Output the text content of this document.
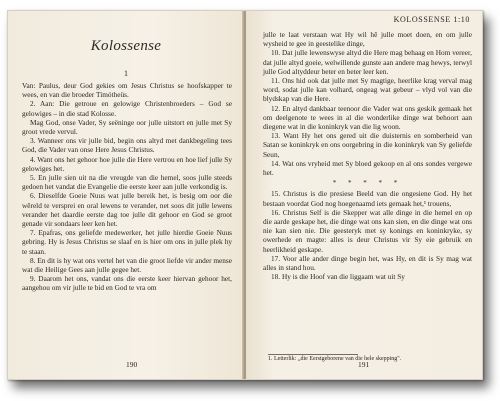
Kolossense
1

Van: Paulus, deur God gekies om Jesus Christus se hoofskapper te wees, en van die broeder Timótheüs.

2. Aan: Die getroue en gelowige Christenbroeders – God se gelowiges – in die stad Kolosse.

Mag God, onse Vader, Sy seëninge oor julle uitstort en julle met Sy groot vrede vervul.

3. Wanneer ons vir julle bid, begin ons altyd met dankbegeling tees God, die Vader van onse Here Jesus Christus.

4. Want ons het gehoor hoe julle die Here vertrou en hoe lief julle Sy gelowiges het.

5. En julle sien uit na die vreugde van die hemel, soos julle steeds gedoen het vandat die Evangelie die eerste keer aan julle verkondig is.

6. Dieselfde Goeie Nuus wat julle bereik het, is besig om oor die wêreld te versprei en oral lewens te verander, net soos dit julle lewens verander het daardie eerste dag toe julle dit gehoor en God se groot genade vir sondaars leer ken het.

7. Epafras, ons geliefde medewerker, het julle hierdie Goeie Nuus gebring. Hy is Jesus Christus se slaaf en is hier om ons in julle plek hy te staan.

8. En dit is hy wat ons vertel het van die groot liefde vir ander mense wat die Heilige Gees aan julle gegee het.

9. Daarom het ons, vandat ons die eerste keer hiervan gehoor het, aangehou om vir julle te bid en God te vra om

190
KOLOSSENSE 1:10

julle te laat verstaan wat Hy wil hê julle moet doen, en om julle wysheid te gee in geestelike dinge,

10. Dat julle lewenswyse altyd die Here mag behaag en Hom vereer, dat julle altyd goeie, welwillende gunste aan andere mag hewys, terwyl julle God altyddeur beter en beter leer ken.

11. Ons hid ook dat julle met Sy magtige, heerlike krag verval mag word, sodat julle kan volhard, ongeag wat gebeur – vlyd vol van die blydskap van die Here.

12. En altyd dankbaar teenoor die Vader wat ons geskik gemaak het om deelgenote te wees in al die wonderlike dinge wat behoort aan diegene wat in die koninkryk van die lig woon.

13. Want Hy het ons gered uit die duisternis en somberheid van Satan se koninkryk en ons oorgebring in die koninkryk van Sy geliefde Seun,

14. Wat ons vryheid met Sy bloed gekoop en al ons sondes vergewe het.

* * * * *

15. Christus is die presiese Beeld van die ongesiene God. Hy het bestaan voordat God nog hoegenaamd iets gemaak het,¹ trouens,

16. Christus Self is die Skepper wat alle dinge in die hemel en op die aarde geskape het, die dinge wat ons kan sien, en die dinge wat ons nie kan sien nie. Die geesteryk met sy konings en koninkryke, sy owerhede en magte: alles is deur Christus vir Sy eie gebruik en heerlikheid geskape.

17. Voor alle ander dinge begin het, was Hy, en dit is Sy mag wat alles in stand hou.

18. Hy is die Hoof van die liggaam wat uit Sy

1. Letterlik: „die Eerstgeborene van die hele skepping".
191
